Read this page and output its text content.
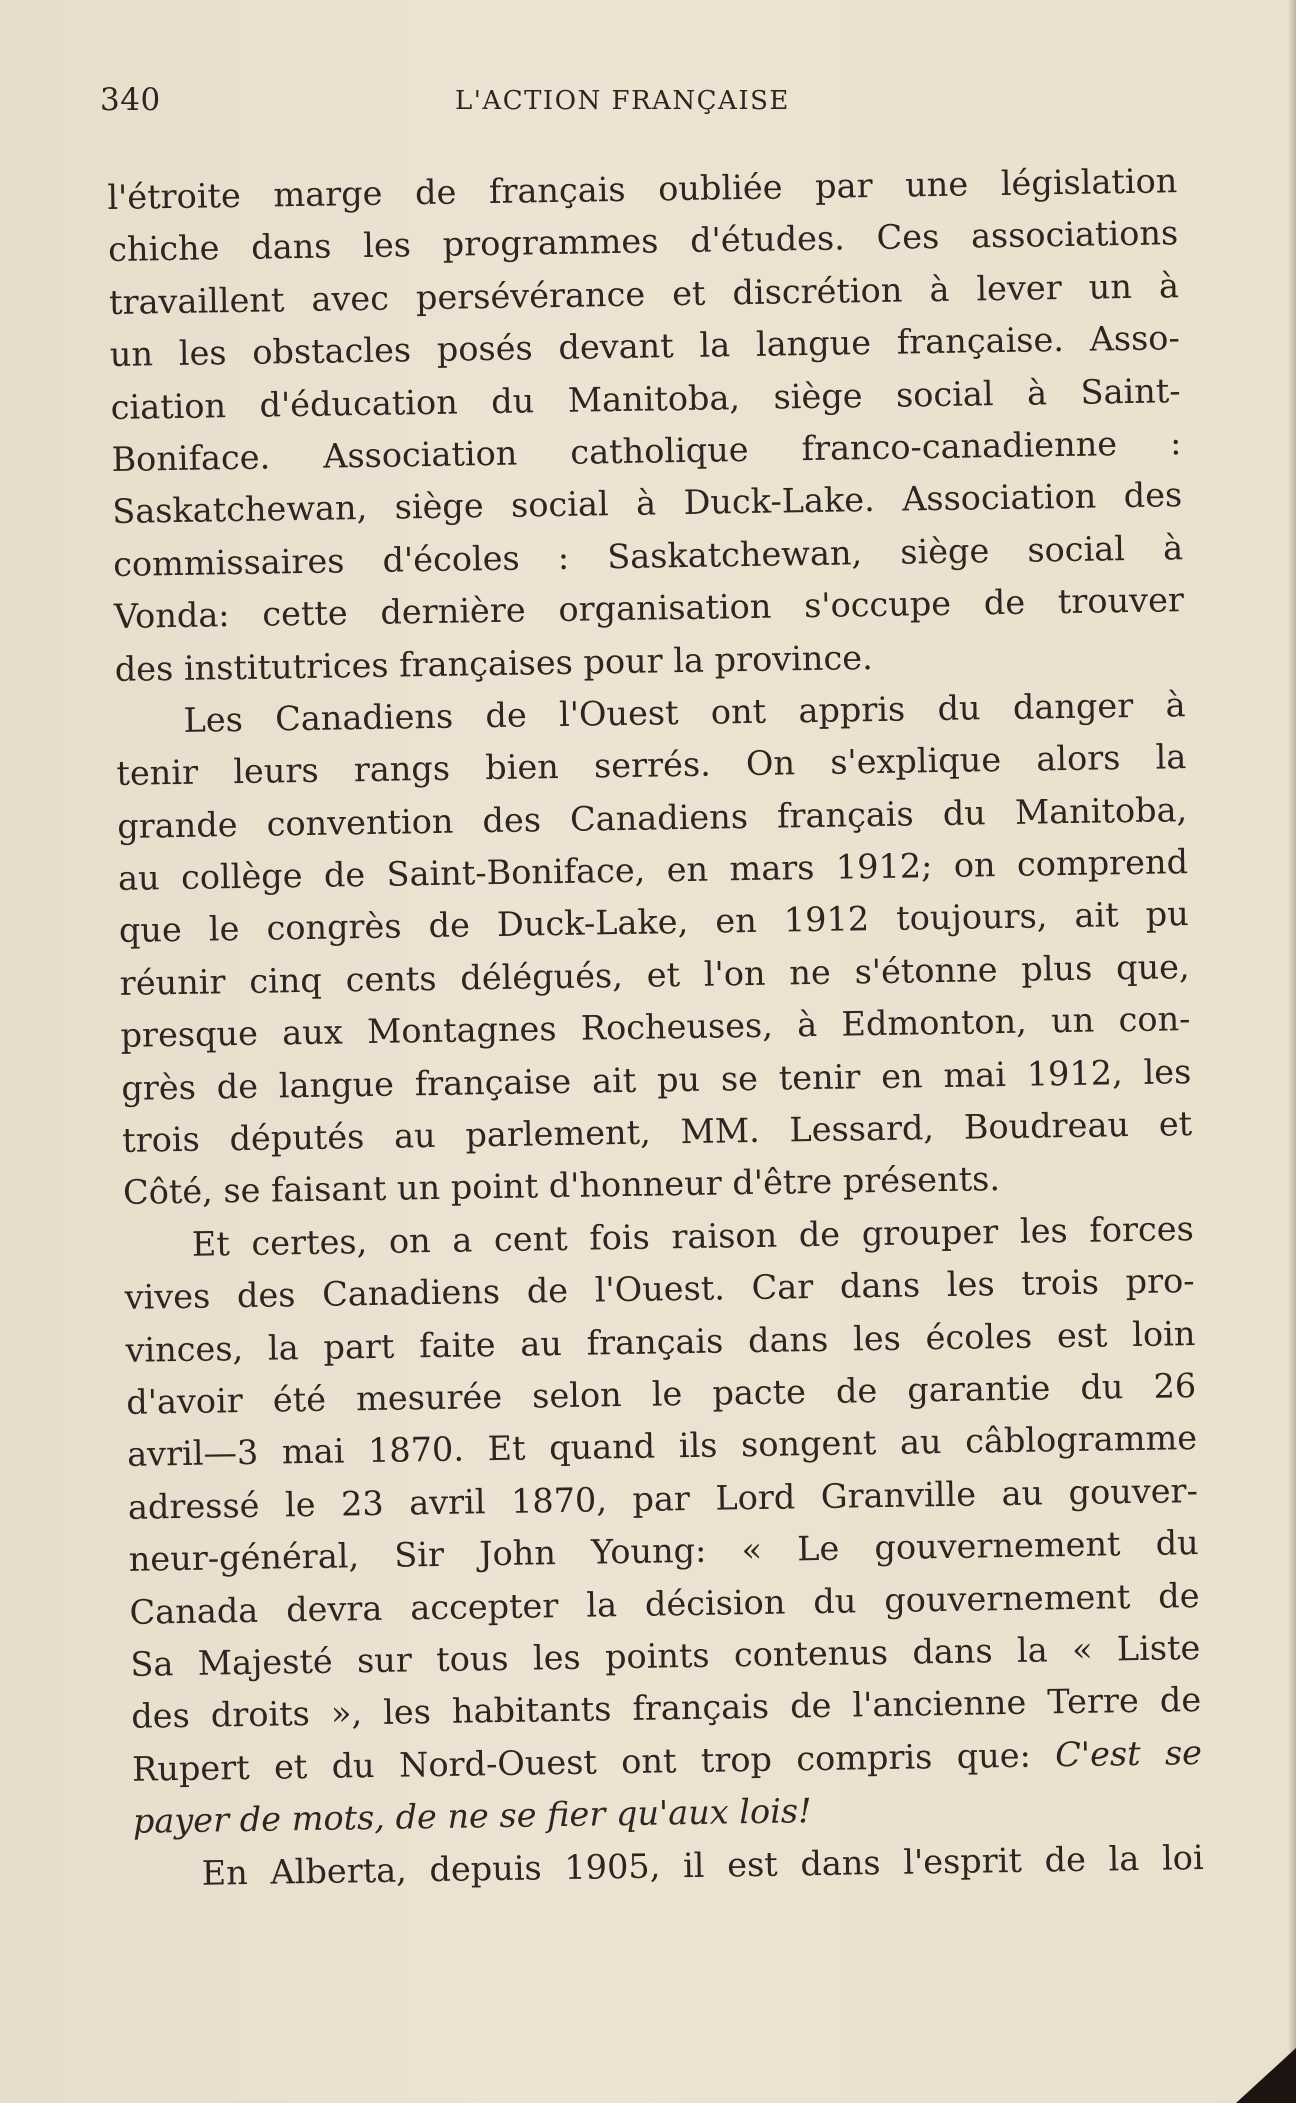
340	L'ACTION FRANÇAISE
l'étroite marge de français oubliée par une législation
chiche dans les programmes d'études. Ces associations
travaillent avec persévérance et discrétion à lever un à
un les obstacles posés devant la langue française. Asso-
ciation d'éducation du Manitoba, siège social à Saint-
Boniface. Association catholique franco-canadienne :
Saskatchewan, siège social à Duck-Lake. Association des
commissaires d'écoles : Saskatchewan, siège social à
Vonda: cette dernière organisation s'occupe de trouver
des institutrices françaises pour la province.
Les Canadiens de l'Ouest ont appris du danger à
tenir leurs rangs bien serrés. On s'explique alors la
grande convention des Canadiens français du Manitoba,
au collège de Saint-Boniface, en mars 1912; on comprend
que le congrès de Duck-Lake, en 1912 toujours, ait pu
réunir cinq cents délégués, et l'on ne s'étonne plus que,
presque aux Montagnes Rocheuses, à Edmonton, un con-
grès de langue française ait pu se tenir en mai 1912, les
trois députés au parlement, MM. Lessard, Boudreau et
Côté, se faisant un point d'honneur d'être présents.
Et certes, on a cent fois raison de grouper les forces
vives des Canadiens de l'Ouest. Car dans les trois pro-
vinces, la part faite au français dans les écoles est loin
d'avoir été mesurée selon le pacte de garantie du 26
avril—3 mai 1870. Et quand ils songent au câblogramme
adressé le 23 avril 1870, par Lord Granville au gouver-
neur-général, Sir John Young: « Le gouvernement du
Canada devra accepter la décision du gouvernement de
Sa Majesté sur tous les points contenus dans la « Liste
des droits », les habitants français de l'ancienne Terre de
Rupert et du Nord-Ouest ont trop compris que: C'est se
payer de mots, de ne se fier qu'aux lois!
En Alberta, depuis 1905, il est dans l'esprit de la loi
